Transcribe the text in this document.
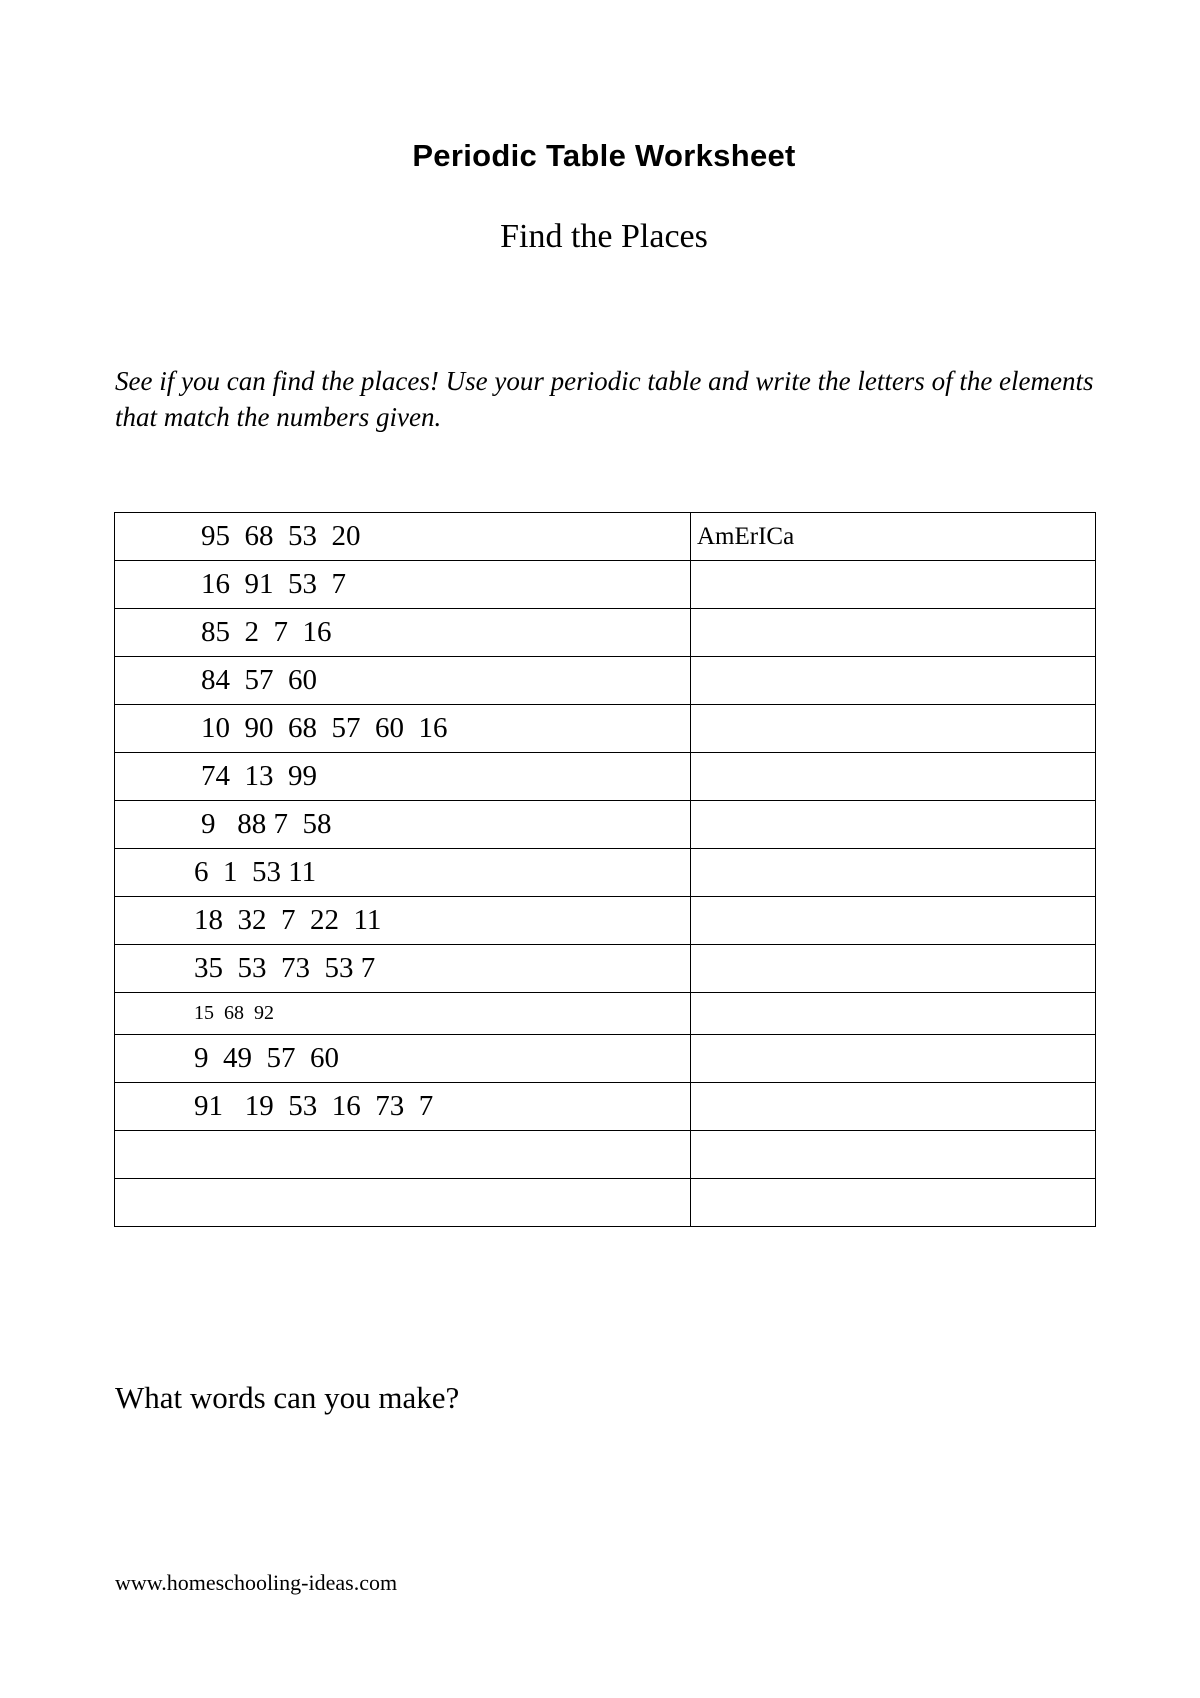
Periodic Table Worksheet
Find the Places
See if you can find the places! Use your periodic table and write the letters of the elements that match the numbers given.
95  68  53  20	AmErICa
16  91  53  7	
85  2  7  16	
84  57  60	
10  90  68  57  60  16	
74  13  99	
9   88 7  58	
6  1  53 11	
18  32  7  22  11	
35  53  73  53 7	
15  68  92	
9  49  57  60	
91   19  53  16  73  7	

What words can you make?
www.homeschooling-ideas.com
